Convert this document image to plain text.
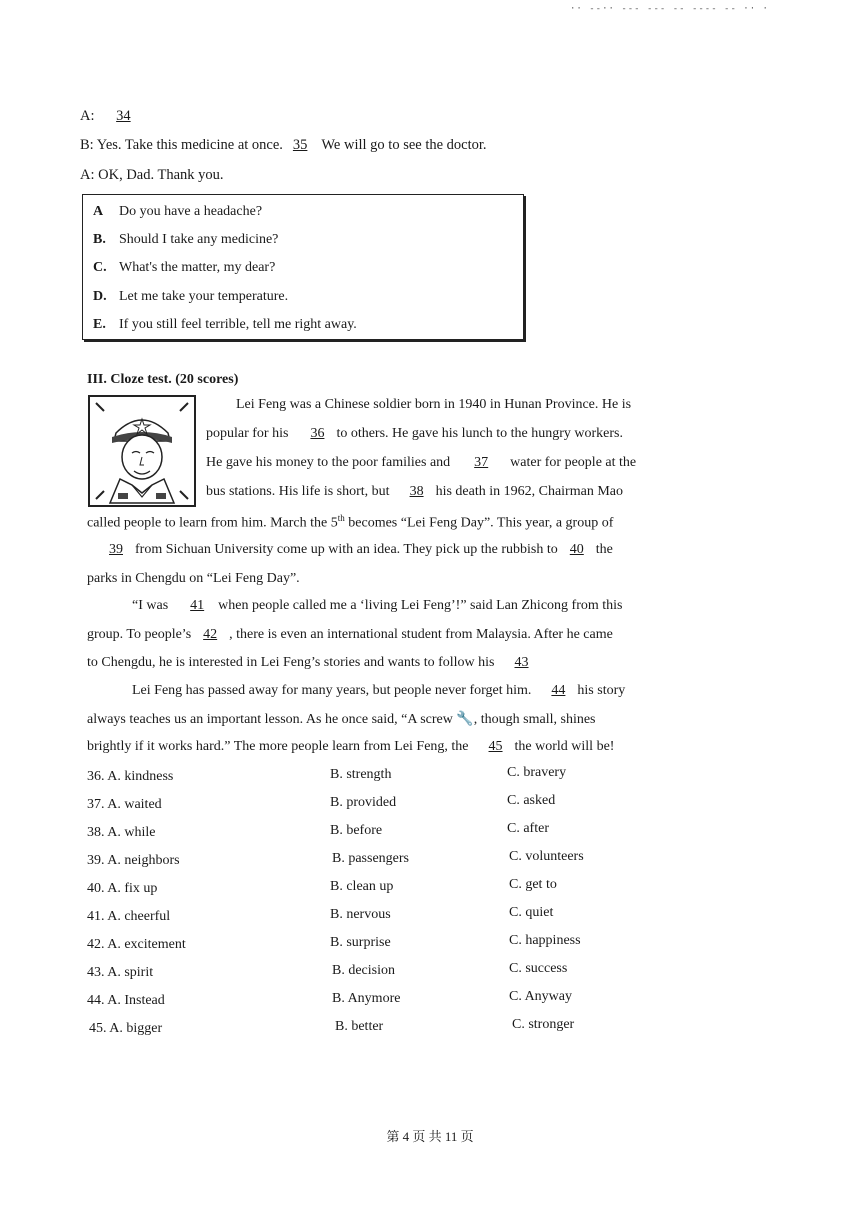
·· ‐‐·· ‑‑‑ ‐‐‑ ‐‐ ‑‑‐‐ ‑‑ ·· ·
A: 34
B: Yes. Take this medicine at once. 35 We will go to see the doctor.
A: OK, Dad. Thank you.
A Do you have a headache?
B. Should I take any medicine?
C. What's the matter, my dear?
D. Let me take your temperature.
E. If you still feel terrible, tell me right away.
III. Cloze test. (20 scores)
Lei Feng was a Chinese soldier born in 1940 in Hunan Province. He is
popular for his 36 to others. He gave his lunch to the hungry workers.
He gave his money to the poor families and 37 water for people at the
bus stations. His life is short, but 38 his death in 1962, Chairman Mao
called people to learn from him. March the 5th becomes “Lei Feng Day”. This year, a group of
39 from Sichuan University come up with an idea. They pick up the rubbish to 40 the
parks in Chengdu on “Lei Feng Day”.
“I was 41 when people called me a ‘living Lei Feng’!” said Lan Zhicong from this
group. To people’s 42 , there is even an international student from Malaysia. After he came
to Chengdu, he is interested in Lei Feng’s stories and wants to follow his 43
Lei Feng has passed away for many years, but people never forget him. 44 his story
always teaches us an important lesson. As he once said, “A screw 🔧, though small, shines
brightly if it works hard.” The more people learn from Lei Feng, the 45 the world will be!
36. A. kindness	B. strength	C. bravery
37. A. waited	B. provided	C. asked
38. A. while	B. before	C. after
39. A. neighbors	B. passengers	C. volunteers
40. A. fix up	B. clean up	C. get to
41. A. cheerful	B. nervous	C. quiet
42. A. excitement	B. surprise	C. happiness
43. A. spirit	B. decision	C. success
44. A. Instead	B. Anymore	C. Anyway
45. A. bigger	B. better	C. stronger
第 4 页 共 11 页
